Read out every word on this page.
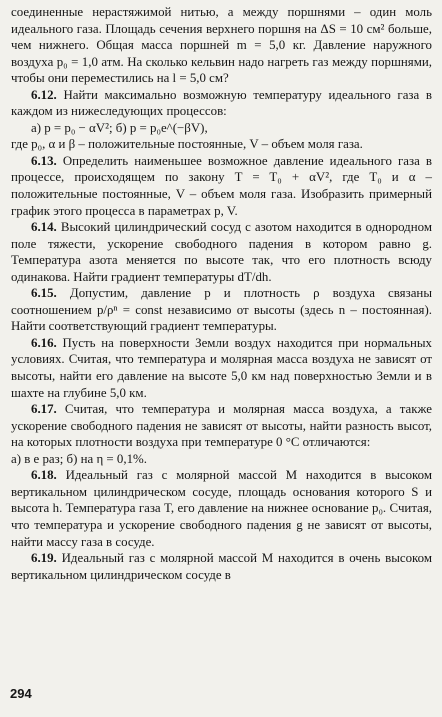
соединенные нерастяжимой нитью, а между поршнями – один моль идеального газа. Площадь сечения верхнего поршня на ΔS = 10 см² больше, чем нижнего. Общая масса поршней m = 5,0 кг. Давление наружного воздуха p₀ = 1,0 атм. На сколько кельвин надо нагреть газ между поршнями, чтобы они переместились на l = 5,0 см?

6.12. Найти максимально возможную температуру идеального газа в каждом из нижеследующих процессов:

а) p = p₀ − αV²; б) p = p₀e^(−βV),

где p₀, α и β – положительные постоянные, V – объем моля газа.

6.13. Определить наименьшее возможное давление идеального газа в процессе, происходящем по закону T = T₀ + αV², где T₀ и α – положительные постоянные, V – объем моля газа. Изобразить примерный график этого процесса в параметрах p, V.

6.14. Высокий цилиндрический сосуд с азотом находится в однородном поле тяжести, ускорение свободного падения в котором равно g. Температура азота меняется по высоте так, что его плотность всюду одинакова. Найти градиент температуры dT/dh.

6.15. Допустим, давление p и плотность ρ воздуха связаны соотношением p/ρⁿ = const независимо от высоты (здесь n – постоянная). Найти соответствующий градиент температуры.

6.16. Пусть на поверхности Земли воздух находится при нормальных условиях. Считая, что температура и молярная масса воздуха не зависят от высоты, найти его давление на высоте 5,0 км над поверхностью Земли и в шахте на глубине 5,0 км.

6.17. Считая, что температура и молярная масса воздуха, а также ускорение свободного падения не зависят от высоты, найти разность высот, на которых плотности воздуха при температуре 0 °C отличаются:

а) в e раз; б) на η = 0,1%.

6.18. Идеальный газ с молярной массой M находится в высоком вертикальном цилиндрическом сосуде, площадь основания которого S и высота h. Температура газа T, его давление на нижнее основание p₀. Считая, что температура и ускорение свободного падения g не зависят от высоты, найти массу газа в сосуде.

6.19. Идеальный газ с молярной массой M находится в очень высоком вертикальном цилиндрическом сосуде в

294
